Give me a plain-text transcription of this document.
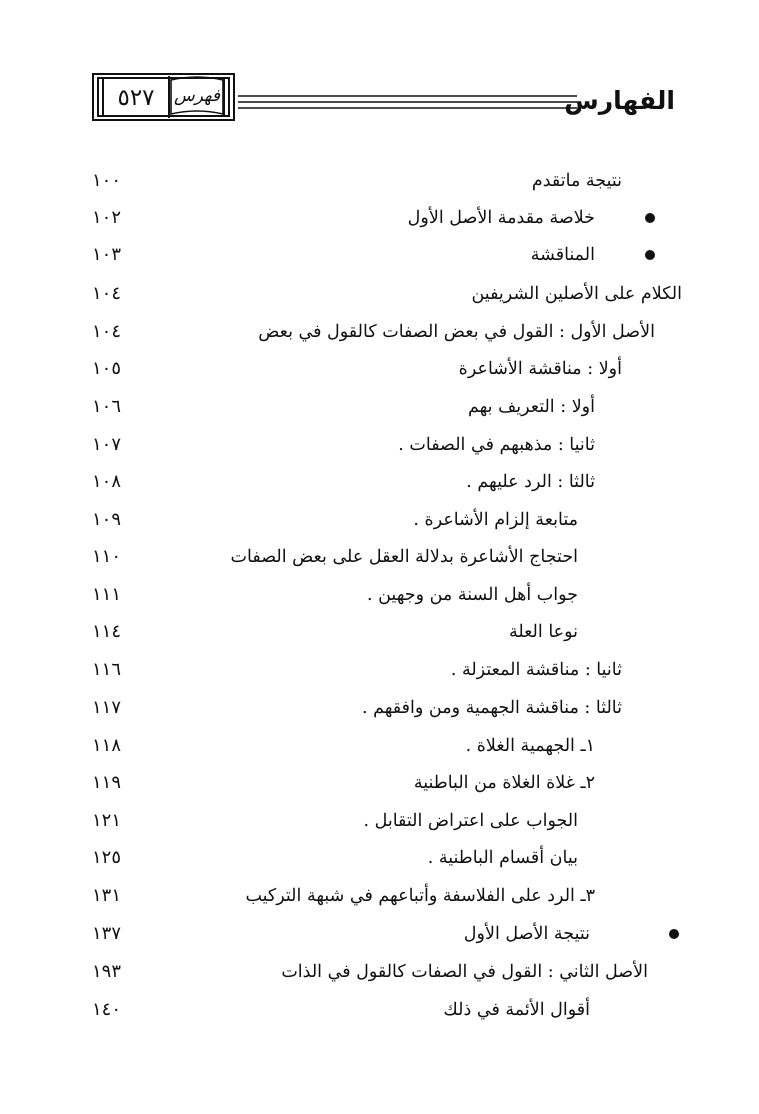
٥٢٧	فهرس	الفهارس
نتيجة ماتقدم
١٠٠
خلاصة مقدمة الأصل الأول
١٠٢
المناقشة
١٠٣
الكلام على الأصلين الشريفين
١٠٤
الأصل الأول : القول في بعض الصفات كالقول في بعض
١٠٤
أولا : مناقشة الأشاعرة
١٠٥
أولا : التعريف بهم
١٠٦
ثانيا : مذهبهم في الصفات .
١٠٧
ثالثا : الرد عليهم .
١٠٨
متابعة إلزام الأشاعرة .
١٠٩
احتجاج الأشاعرة بدلالة العقل على بعض الصفات
١١٠
جواب أهل السنة من وجهين .
١١١
نوعا العلة
١١٤
ثانيا : مناقشة المعتزلة .
١١٦
ثالثا : مناقشة الجهمية ومن وافقهم .
١١٧
١ـ الجهمية الغلاة .
١١٨
٢ـ غلاة الغلاة من الباطنية
١١٩
الجواب على اعتراض التقابل .
١٢١
بيان أقسام الباطنية .
١٢٥
٣ـ الرد على الفلاسفة وأتباعهم في شبهة التركيب
١٣١
نتيجة الأصل الأول
١٣٧
الأصل الثاني : القول في الصفات كالقول في الذات
١٩٣
أقوال الأئمة في ذلك
١٤٠
